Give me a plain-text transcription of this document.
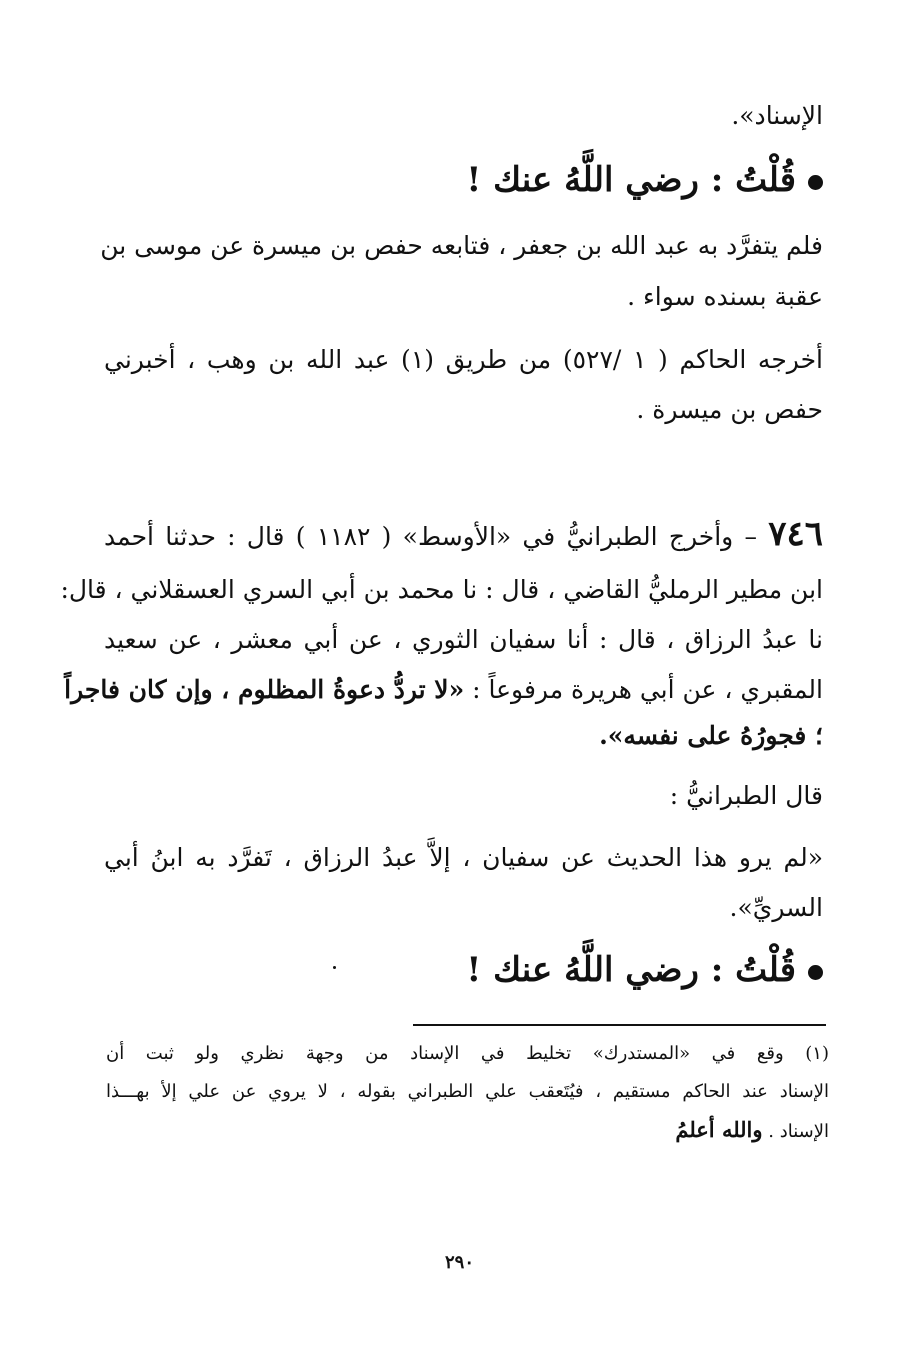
الإسناد».
قُلْتُ : رضي اللَّهُ عنك !
فلم يتفرَّد به عبد الله بن جعفر ، فتابعه حفص بن ميسرة عن موسى بن
عقبة بسنده سواء .
أخرجه الحاكم ( ١ /٥٢٧) من طريق (١) عبد الله بن وهب ، أخبرني
حفص بن ميسرة .
٧٤٦ – وأخرج الطبرانيُّ في «الأوسط» ( ١١٨٢ ) قال : حدثنا أحمد
ابن مطير الرمليُّ القاضي ، قال : نا محمد بن أبي السري العسقلاني ، قال:
نا عبدُ الرزاق ، قال : أنا سفيان الثوري ، عن أبي معشر ، عن سعيد
المقبري ، عن أبي هريرة مرفوعاً : «لا تردُّ دعوةُ المظلوم ، وإن كان فاجراً
؛ فجورُهُ على نفسه».
قال الطبرانيُّ :
«لم يرو هذا الحديث عن سفيان ، إلاَّ عبدُ الرزاق ، تَفرَّد به ابنُ أبي
السريِّ».
قُلْتُ : رضي اللَّهُ عنك !
(١) وقع في «المستدرك» تخليط في الإسناد من وجهة نظري ولو ثبت أن
الإسناد عند الحاكم مستقيم ، فيُتَعقب علي الطبراني بقوله ، لا يروي عن علي إلأ بهـــذا
الإسناد . والله أعلمُ
٢٩٠
